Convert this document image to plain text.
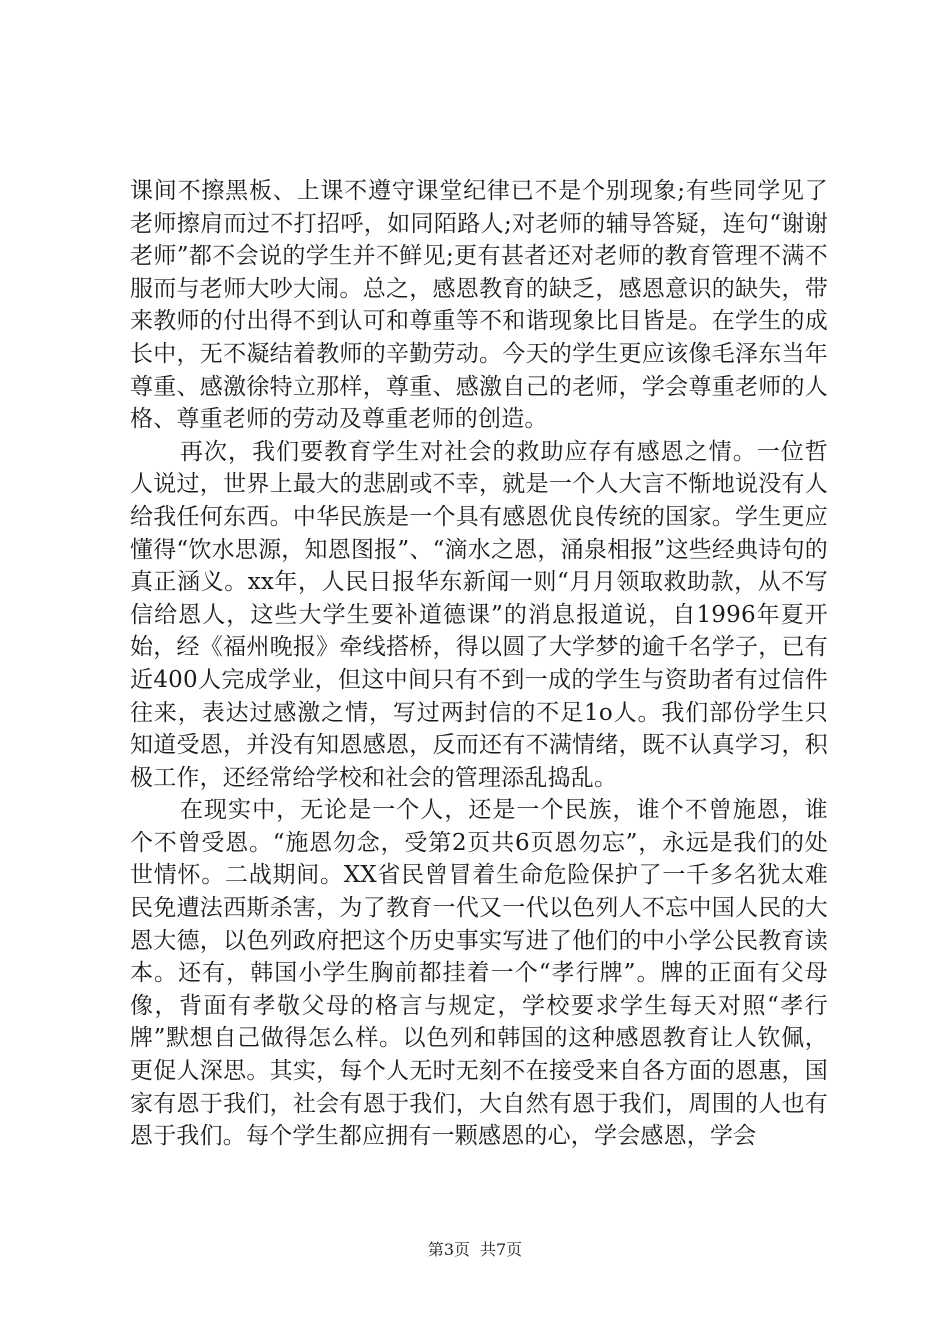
课间不擦黑板、上课不遵守课堂纪律已不是个别现象;有些同学见了老师擦肩而过不打招呼，如同陌路人;对老师的辅导答疑，连句“谢谢老师”都不会说的学生并不鲜见;更有甚者还对老师的教育管理不满不服而与老师大吵大闹。总之，感恩教育的缺乏，感恩意识的缺失，带来教师的付出得不到认可和尊重等不和谐现象比目皆是。在学生的成长中，无不凝结着教师的辛勤劳动。今天的学生更应该像毛泽东当年尊重、感激徐特立那样，尊重、感激自己的老师，学会尊重老师的人格、尊重老师的劳动及尊重老师的创造。

再次，我们要教育学生对社会的救助应存有感恩之情。一位哲人说过，世界上最大的悲剧或不幸，就是一个人大言不惭地说没有人给我任何东西。中华民族是一个具有感恩优良传统的国家。学生更应懂得“饮水思源，知恩图报”、“滴水之恩，涌泉相报”这些经典诗句的真正涵义。xx年，人民日报华东新闻一则“月月领取救助款，从不写信给恩人，这些大学生要补道德课”的消息报道说，自1996年夏开始，经《福州晚报》牵线搭桥，得以圆了大学梦的逾千名学子，已有近400人完成学业，但这中间只有不到一成的学生与资助者有过信件往来，表达过感激之情，写过两封信的不足1o人。我们部份学生只知道受恩，并没有知恩感恩，反而还有不满情绪，既不认真学习，积极工作，还经常给学校和社会的管理添乱捣乱。

在现实中，无论是一个人，还是一个民族，谁个不曾施恩，谁个不曾受恩。“施恩勿念，受第2页共6页恩勿忘”，永远是我们的处世情怀。二战期间。XX省民曾冒着生命危险保护了一千多名犹太难民免遭法西斯杀害，为了教育一代又一代以色列人不忘中国人民的大恩大德，以色列政府把这个历史事实写进了他们的中小学公民教育读本。还有，韩国小学生胸前都挂着一个“孝行牌”。牌的正面有父母像，背面有孝敬父母的格言与规定，学校要求学生每天对照“孝行牌”默想自己做得怎么样。以色列和韩国的这种感恩教育让人钦佩，更促人深思。其实，每个人无时无刻不在接受来自各方面的恩惠，国家有恩于我们，社会有恩于我们，大自然有恩于我们，周围的人也有恩于我们。每个学生都应拥有一颗感恩的心，学会感恩，学会

第3页 共7页
